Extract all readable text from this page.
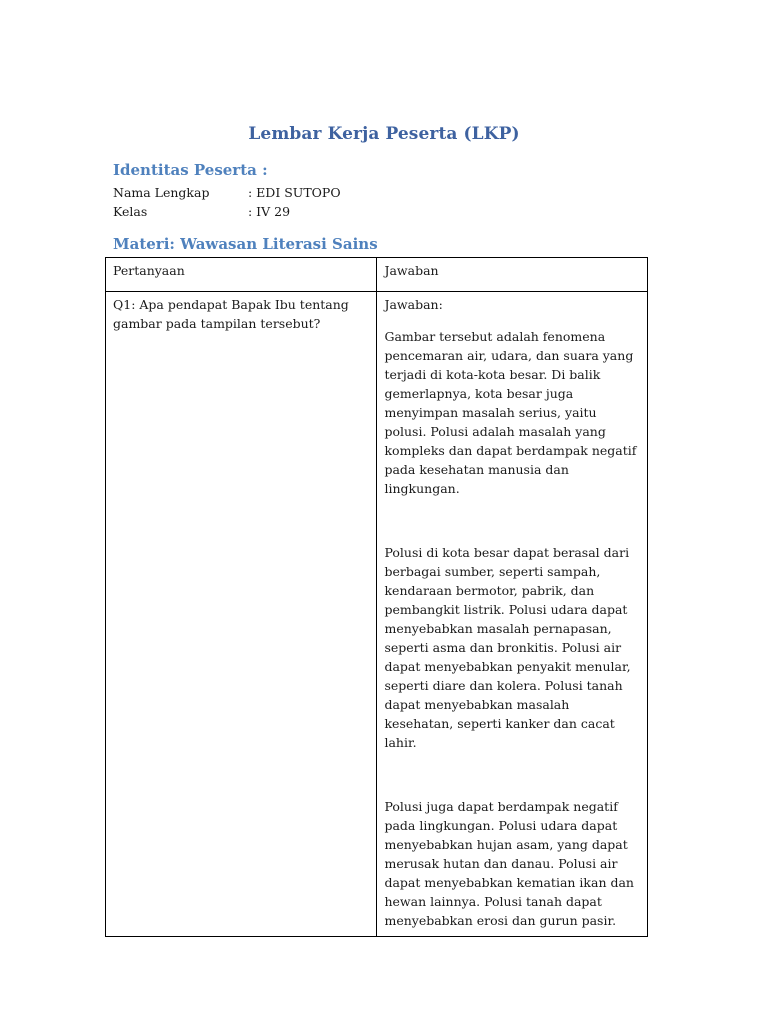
Lembar Kerja Peserta (LKP)
Identitas Peserta :
Nama Lengkap	: EDI SUTOPO
Kelas	: IV 29
Materi: Wawasan Literasi Sains
Pertanyaan	Jawaban
Q1: Apa pendapat Bapak Ibu tentang gambar pada tampilan tersebut?	Jawaban:

Gambar tersebut adalah fenomena pencemaran air, udara, dan suara yang terjadi di kota-kota besar. Di balik gemerlapnya, kota besar juga menyimpan masalah serius, yaitu polusi. Polusi adalah masalah yang kompleks dan dapat berdampak negatif pada kesehatan manusia dan lingkungan.

Polusi di kota besar dapat berasal dari berbagai sumber, seperti sampah, kendaraan bermotor, pabrik, dan pembangkit listrik. Polusi udara dapat menyebabkan masalah pernapasan, seperti asma dan bronkitis. Polusi air dapat menyebabkan penyakit menular, seperti diare dan kolera. Polusi tanah dapat menyebabkan masalah kesehatan, seperti kanker dan cacat lahir.

Polusi juga dapat berdampak negatif pada lingkungan. Polusi udara dapat menyebabkan hujan asam, yang dapat merusak hutan dan danau. Polusi air dapat menyebabkan kematian ikan dan hewan lainnya. Polusi tanah dapat menyebabkan erosi dan gurun pasir.
